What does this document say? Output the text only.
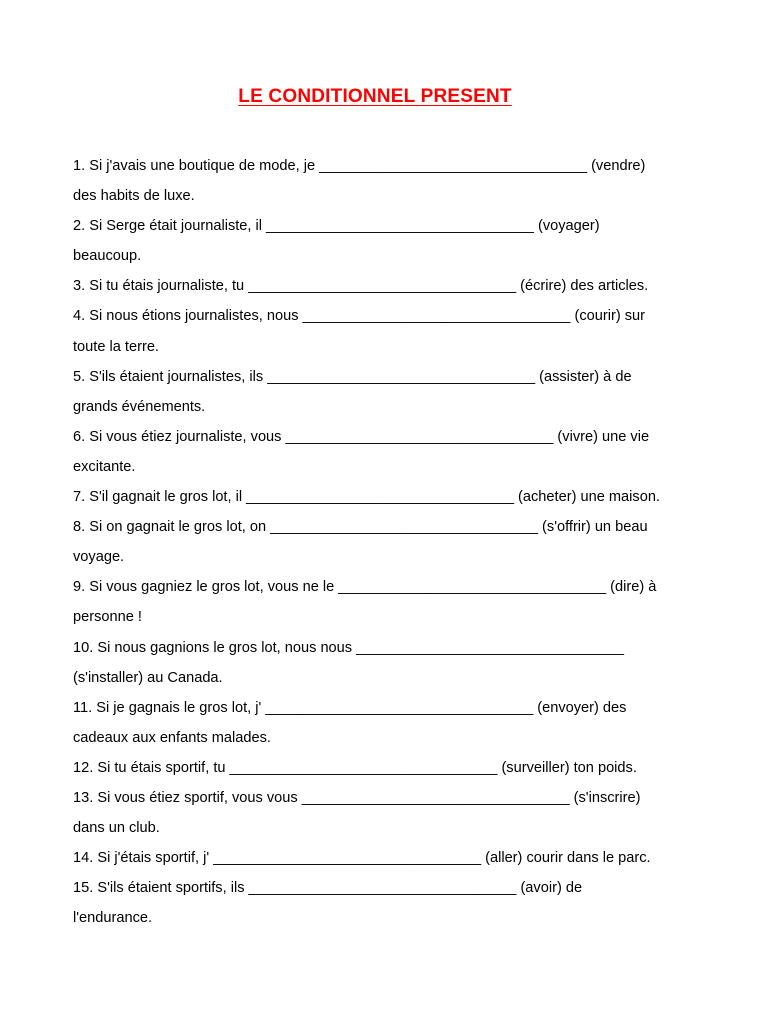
LE CONDITIONNEL PRESENT
1. Si j'avais une boutique de mode, je _________________________________ (vendre)
des habits de luxe.
2. Si Serge était journaliste, il _________________________________ (voyager)
beaucoup.
3. Si tu étais journaliste, tu _________________________________ (écrire) des articles.
4. Si nous étions journalistes, nous _________________________________ (courir) sur
toute la terre.
5. S'ils étaient journalistes, ils _________________________________ (assister) à de
grands événements.
6. Si vous étiez journaliste, vous _________________________________ (vivre) une vie
excitante.
7. S'il gagnait le gros lot, il _________________________________ (acheter) une maison.
8. Si on gagnait le gros lot, on _________________________________ (s'offrir) un beau
voyage.
9. Si vous gagniez le gros lot, vous ne le _________________________________ (dire) à
personne !
10. Si nous gagnions le gros lot, nous nous _________________________________
(s'installer) au Canada.
11. Si je gagnais le gros lot, j' _________________________________ (envoyer) des
cadeaux aux enfants malades.
12. Si tu étais sportif, tu _________________________________ (surveiller) ton poids.
13. Si vous étiez sportif, vous vous _________________________________ (s'inscrire)
dans un club.
14. Si j'étais sportif, j' _________________________________ (aller) courir dans le parc.
15. S'ils étaient sportifs, ils _________________________________ (avoir) de
l'endurance.
